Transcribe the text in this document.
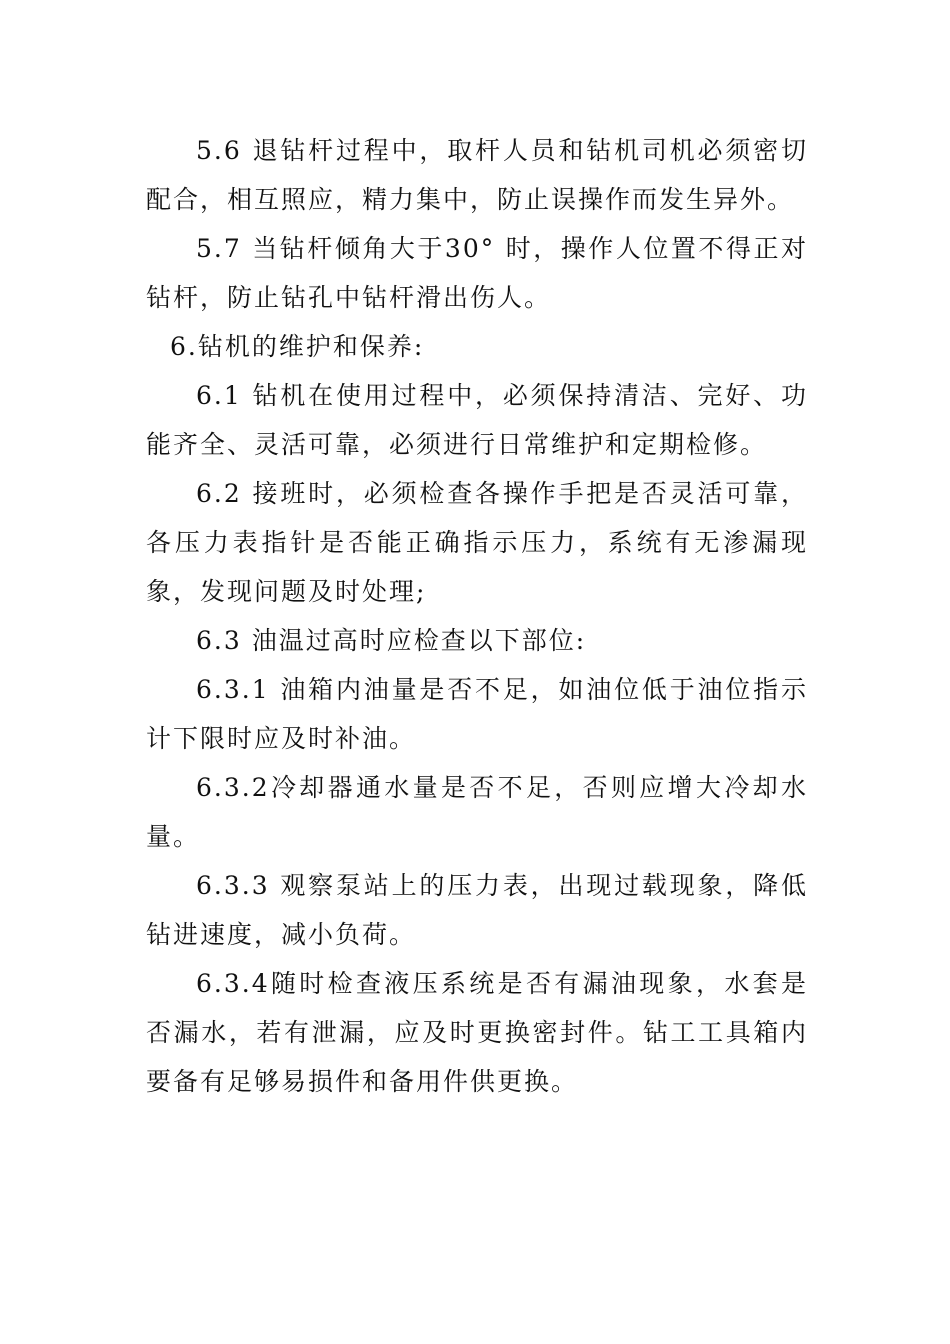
5.6 退钻杆过程中，取杆人员和钻机司机必须密切配合，相互照应，精力集中，防止误操作而发生异外。

5.7 当钻杆倾角大于30° 时，操作人位置不得正对钻杆，防止钻孔中钻杆滑出伤人。

6.钻机的维护和保养:

6.1 钻机在使用过程中，必须保持清洁、完好、功能齐全、灵活可靠，必须进行日常维护和定期检修。

6.2 接班时，必须检查各操作手把是否灵活可靠，各压力表指针是否能正确指示压力，系统有无渗漏现象，发现问题及时处理;

6.3 油温过高时应检查以下部位:

6.3.1 油箱内油量是否不足，如油位低于油位指示计下限时应及时补油。

6.3.2冷却器通水量是否不足，否则应增大冷却水量。

6.3.3 观察泵站上的压力表，出现过载现象，降低钻进速度，减小负荷。

6.3.4随时检查液压系统是否有漏油现象，水套是否漏水，若有泄漏，应及时更换密封件。钻工工具箱内要备有足够易损件和备用件供更换。
